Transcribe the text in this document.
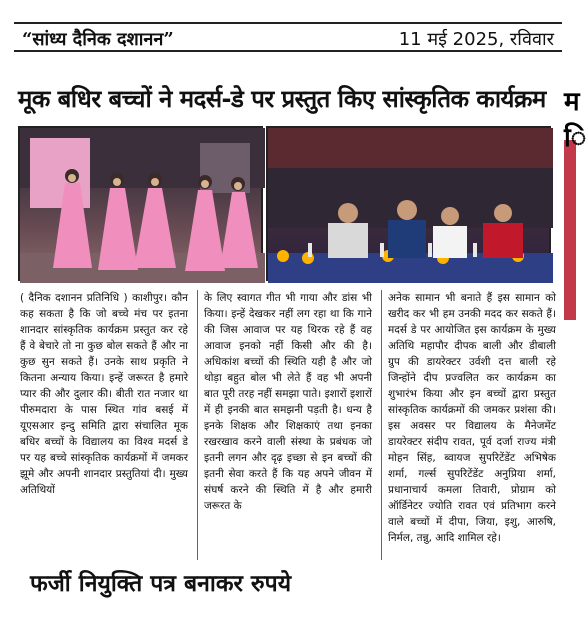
“सांध्य दैनिक दशानन”	11 मई 2025, रविवार
मूक बधिर बच्चों ने मदर्स-डे पर प्रस्तुत किए सांस्कृतिक कार्यक्रम म
ि
( दैनिक दशानन प्रतिनिधि ) काशीपुर। कौन कह सकता है कि जो बच्चे मंच पर इतना शानदार सांस्कृतिक कार्यक्रम प्रस्तुत कर रहे हैं वे बेचारे तो ना कुछ बोल सकते हैं और ना कुछ सुन सकते हैं। उनके साथ प्रकृति ने कितना अन्याय किया। इन्हें जरूरत है हमारे प्यार की और दुलार की। बीती रात नजार था पीरुमदारा के पास स्थित गांव बसई में यूएसआर इन्दु समिति द्वारा संचालित मूक बधिर बच्चों के विद्यालय का विश्व मदर्स डे पर यह बच्चे सांस्कृतिक कार्यक्रमों में जमकर झूमे और अपनी शानदार प्रस्तुतियां दी। मुख्य अतिथियों
के लिए स्वागत गीत भी गाया और डांस भी किया। इन्हें देखकर नहीं लग रहा था कि गाने की जिस आवाज पर यह थिरक रहे हैं वह आवाज इनको नहीं किसी और की है। अधिकांश बच्चों की स्थिति यही है और जो थोड़ा बहुत बोल भी लेते हैं वह भी अपनी बात पूरी तरह नहीं समझा पाते। इशारों इशारों में ही इनकी बात समझनी पड़ती है। धन्य है इनके शिक्षक और शिक्षकाएं तथा इनका रखरखाव करने वाली संस्था के प्रबंधक जो इतनी लगन और दृढ़ इच्छा से इन बच्चों की इतनी सेवा करते हैं कि यह अपने जीवन में संघर्ष करने की स्थिति में है और हमारी जरूरत के
अनेक सामान भी बनाते हैं इस सामान को खरीद कर भी हम उनकी मदद कर सकते हैं। मदर्स डे पर आयोजित इस कार्यक्रम के मुख्य अतिथि महापौर दीपक बाली और डीबाली ग्रुप की डायरेक्टर उर्वशी दत्त बाली रहे जिन्होंने दीप प्रज्वलित कर कार्यक्रम का शुभारंभ किया और इन बच्चों द्वारा प्रस्तुत सांस्कृतिक कार्यक्रमों की जमकर प्रशंसा की। इस अवसर पर विद्यालय के मैनेजमेंट डायरेक्टर संदीप रावत, पूर्व दर्जा राज्य मंत्री मोहन सिंह, ब्वायज सुपरिटेंडेंट अभिषेक शर्मा, गर्ल्स सुपरिटेंडेंट अनुप्रिया शर्मा, प्रधानाचार्य कमला तिवारी, प्रोग्राम को ऑर्डिनेटर ज्योति रावत एवं प्रतिभाग करने वाले बच्चों में दीपा, जिया, इशु, आरुषि, निर्मल, तन्नु, आदि शामिल रहे।
फर्जी नियुक्ति पत्र बनाकर रुपये
